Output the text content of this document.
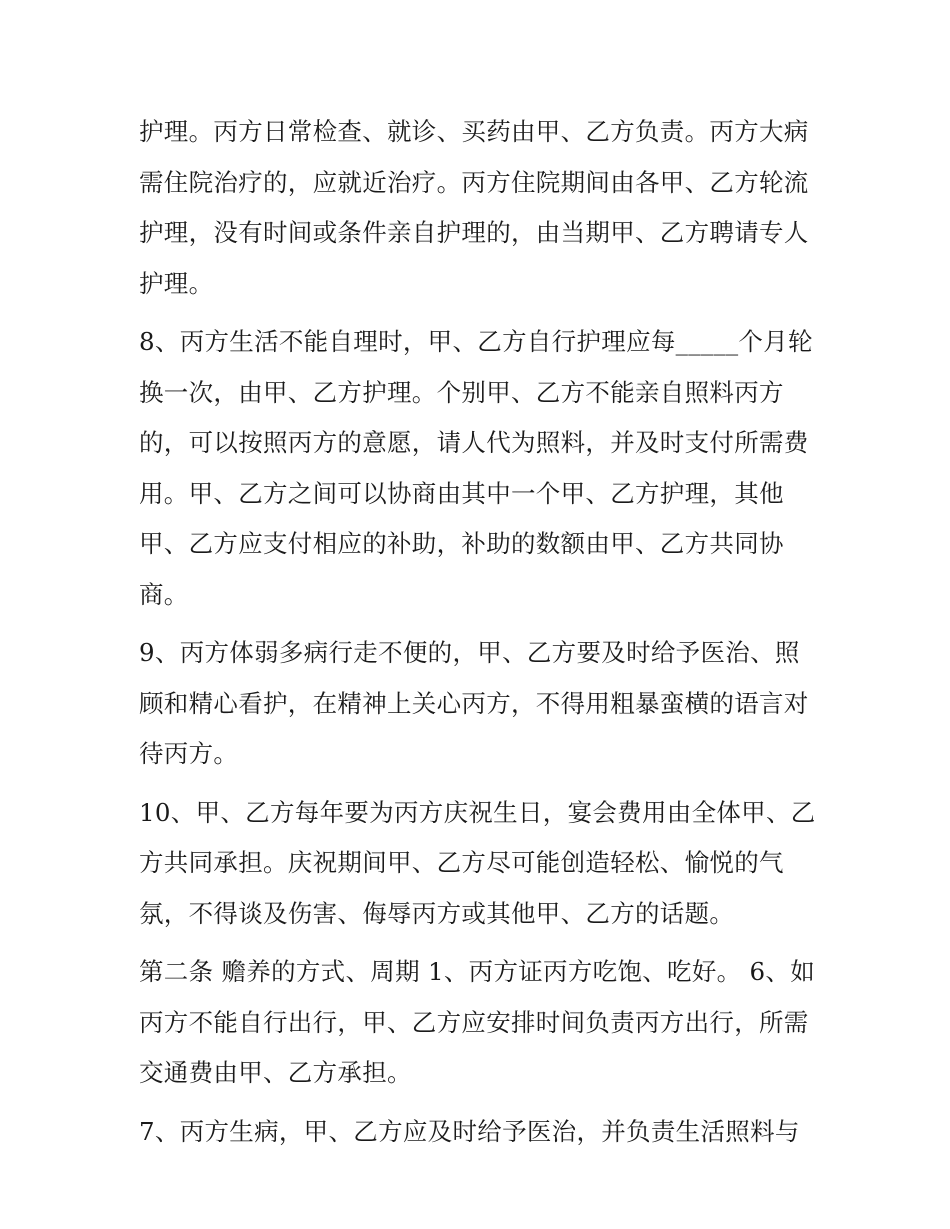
护理。丙方日常检查、就诊、买药由甲、乙方负责。丙方大病
需住院治疗的，应就近治疗。丙方住院期间由各甲、乙方轮流
护理，没有时间或条件亲自护理的，由当期甲、乙方聘请专人
护理。
8、丙方生活不能自理时，甲、乙方自行护理应每_____个月轮
换一次，由甲、乙方护理。个别甲、乙方不能亲自照料丙方
的，可以按照丙方的意愿，请人代为照料，并及时支付所需费
用。甲、乙方之间可以协商由其中一个甲、乙方护理，其他
甲、乙方应支付相应的补助，补助的数额由甲、乙方共同协
商。
9、丙方体弱多病行走不便的，甲、乙方要及时给予医治、照
顾和精心看护，在精神上关心丙方，不得用粗暴蛮横的语言对
待丙方。
10、甲、乙方每年要为丙方庆祝生日，宴会费用由全体甲、乙
方共同承担。庆祝期间甲、乙方尽可能创造轻松、愉悦的气
氛，不得谈及伤害、侮辱丙方或其他甲、乙方的话题。
第二条 赡养的方式、周期 1、丙方证丙方吃饱、吃好。 6、如
丙方不能自行出行，甲、乙方应安排时间负责丙方出行，所需
交通费由甲、乙方承担。
7、丙方生病，甲、乙方应及时给予医治，并负责生活照料与
